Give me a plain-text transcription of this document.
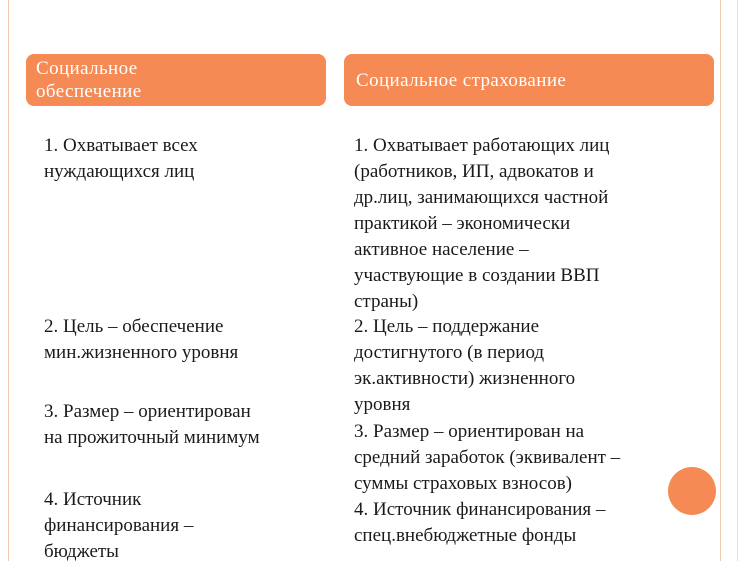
Социальное
обеспечение
Социальное страхование

1. Охватывает всех
нуждающихся лиц

2. Цель – обеспечение
мин.жизненного уровня

3. Размер – ориентирован
на прожиточный минимум

4. Источник
финансирования –
бюджеты

1. Охватывает работающих лиц
(работников, ИП, адвокатов и
др.лиц, занимающихся частной
практикой – экономически
активное население –
участвующие в создании ВВП
страны)

2. Цель – поддержание
достигнутого (в период
эк.активности) жизненного
уровня

3. Размер – ориентирован на
средний заработок (эквивалент –
суммы страховых взносов)

4. Источник финансирования –
спец.внебюджетные фонды
